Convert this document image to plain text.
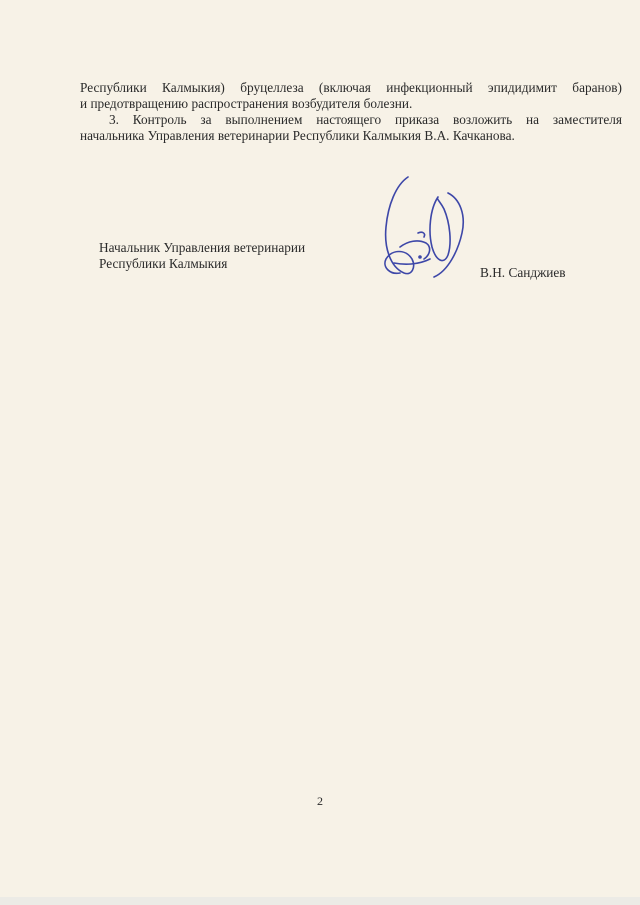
Республики Калмыкия) бруцеллеза (включая инфекционный эпидидимит баранов)
и предотвращению распространения возбудителя болезни.
3. Контроль за выполнением настоящего приказа возложить на заместителя
начальника Управления ветеринарии Республики Калмыкия В.А. Качканова.
Начальник Управления ветеринарии
Республики Калмыкия
В.Н. Санджиев
2
